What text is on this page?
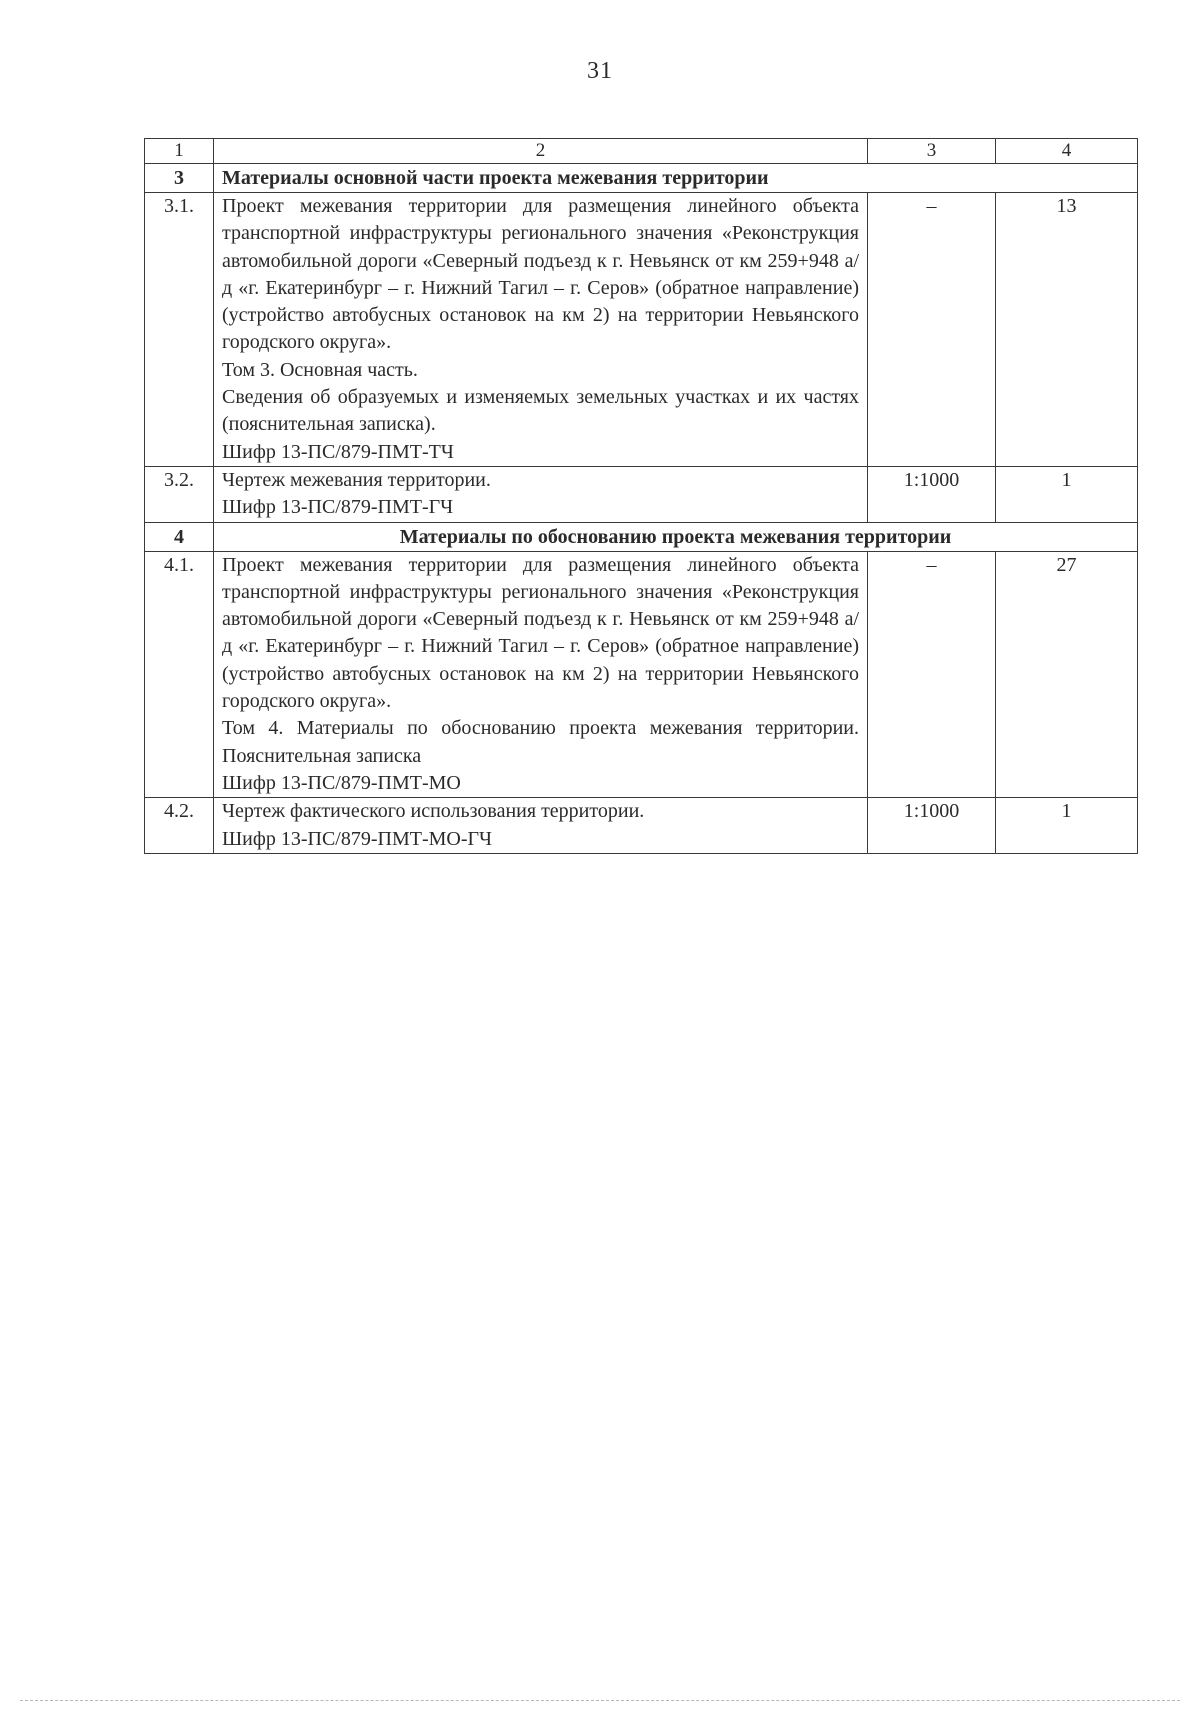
31
1	2	3	4
3	Материалы основной части проекта межевания территории		
3.1.	Проект межевания территории для размещения линейного объекта транспортной инфраструктуры регионального значения «Реконструкция автомобильной дороги «Северный подъезд к г. Невьянск от км 259+948 а/д «г. Екатеринбург – г. Нижний Тагил – г. Серов» (обратное направление) (устройство автобусных остановок на км 2) на территории Невьянского городского округа».

Том 3. Основная часть.

Сведения об образуемых и изменяемых земельных участках и их частях (пояснительная записка).

Шифр 13-ПС/879-ПМТ-ТЧ	–	13
3.2.	Чертеж межевания территории.

Шифр 13-ПС/879-ПМТ-ГЧ	1:1000	1
4	Материалы по обоснованию проекта межевания территории		
4.1.	Проект межевания территории для размещения линейного объекта транспортной инфраструктуры регионального значения «Реконструкция автомобильной дороги «Северный подъезд к г. Невьянск от км 259+948 а/д «г. Екатеринбург – г. Нижний Тагил – г. Серов» (обратное направление) (устройство автобусных остановок на км 2) на территории Невьянского городского округа».

Том 4. Материалы по обоснованию проекта межевания территории. Пояснительная записка

Шифр 13-ПС/879-ПМТ-МО	–	27
4.2.	Чертеж фактического использования территории.

Шифр 13-ПС/879-ПМТ-МО-ГЧ	1:1000	1
